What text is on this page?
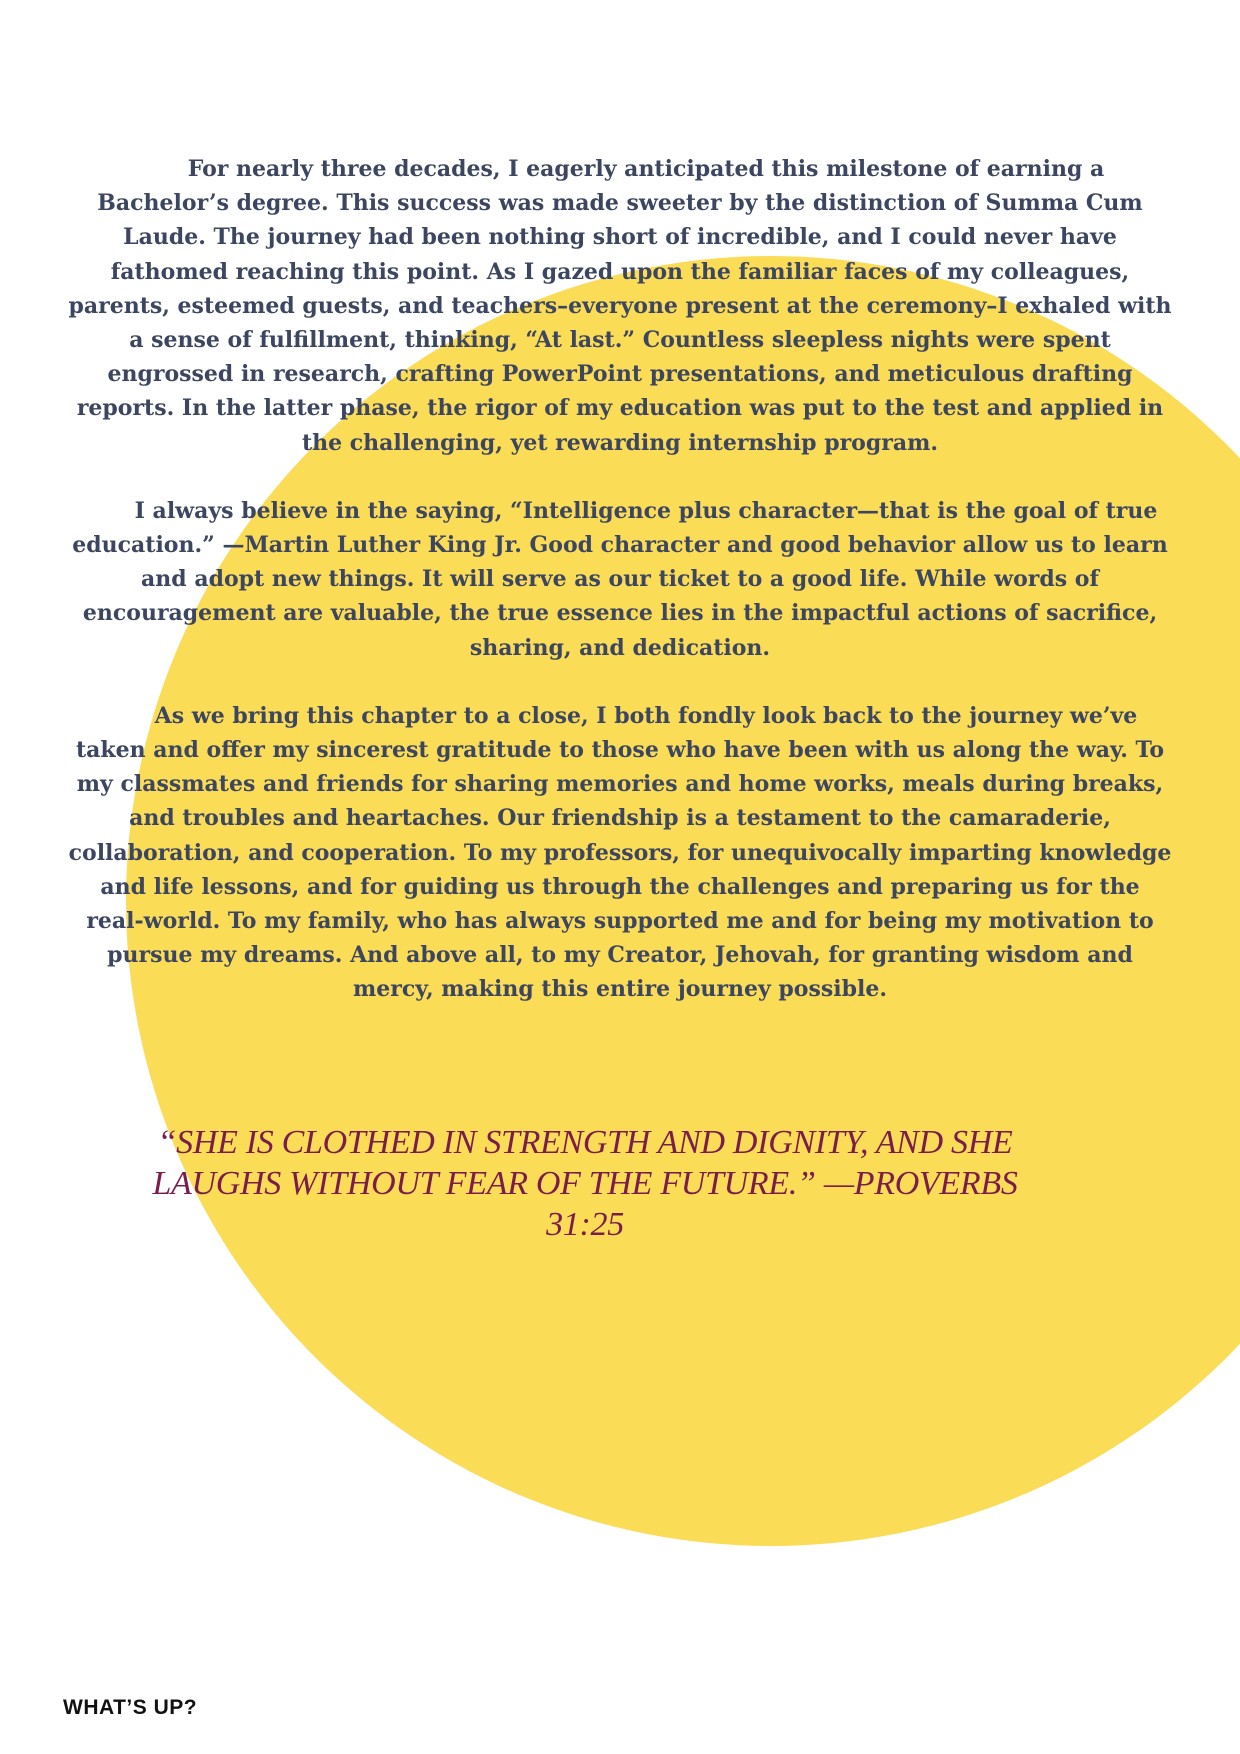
For nearly three decades, I eagerly anticipated this milestone of earning a Bachelor’s degree. This success was made sweeter by the distinction of Summa Cum Laude. The journey had been nothing short of incredible, and I could never have fathomed reaching this point. As I gazed upon the familiar faces of my colleagues, parents, esteemed guests, and teachers–everyone present at the ceremony–I exhaled with a sense of fulfillment, thinking, “At last.” Countless sleepless nights were spent engrossed in research, crafting PowerPoint presentations, and meticulous drafting reports. In the latter phase, the rigor of my education was put to the test and applied in the challenging, yet rewarding internship program.

I always believe in the saying, “Intelligence plus character—that is the goal of true education.” —Martin Luther King Jr. Good character and good behavior allow us to learn and adopt new things. It will serve as our ticket to a good life. While words of encouragement are valuable, the true essence lies in the impactful actions of sacrifice, sharing, and dedication.

As we bring this chapter to a close, I both fondly look back to the journey we’ve taken and offer my sincerest gratitude to those who have been with us along the way. To my classmates and friends for sharing memories and home works, meals during breaks, and troubles and heartaches. Our friendship is a testament to the camaraderie, collaboration, and cooperation. To my professors, for unequivocally imparting knowledge and life lessons, and for guiding us through the challenges and preparing us for the real-world. To my family, who has always supported me and for being my motivation to pursue my dreams. And above all, to my Creator, Jehovah, for granting wisdom and mercy, making this entire journey possible.

“SHE IS CLOTHED IN STRENGTH AND DIGNITY, AND SHE LAUGHS WITHOUT FEAR OF THE FUTURE.” —PROVERBS 31:25

WHAT’S UP?
